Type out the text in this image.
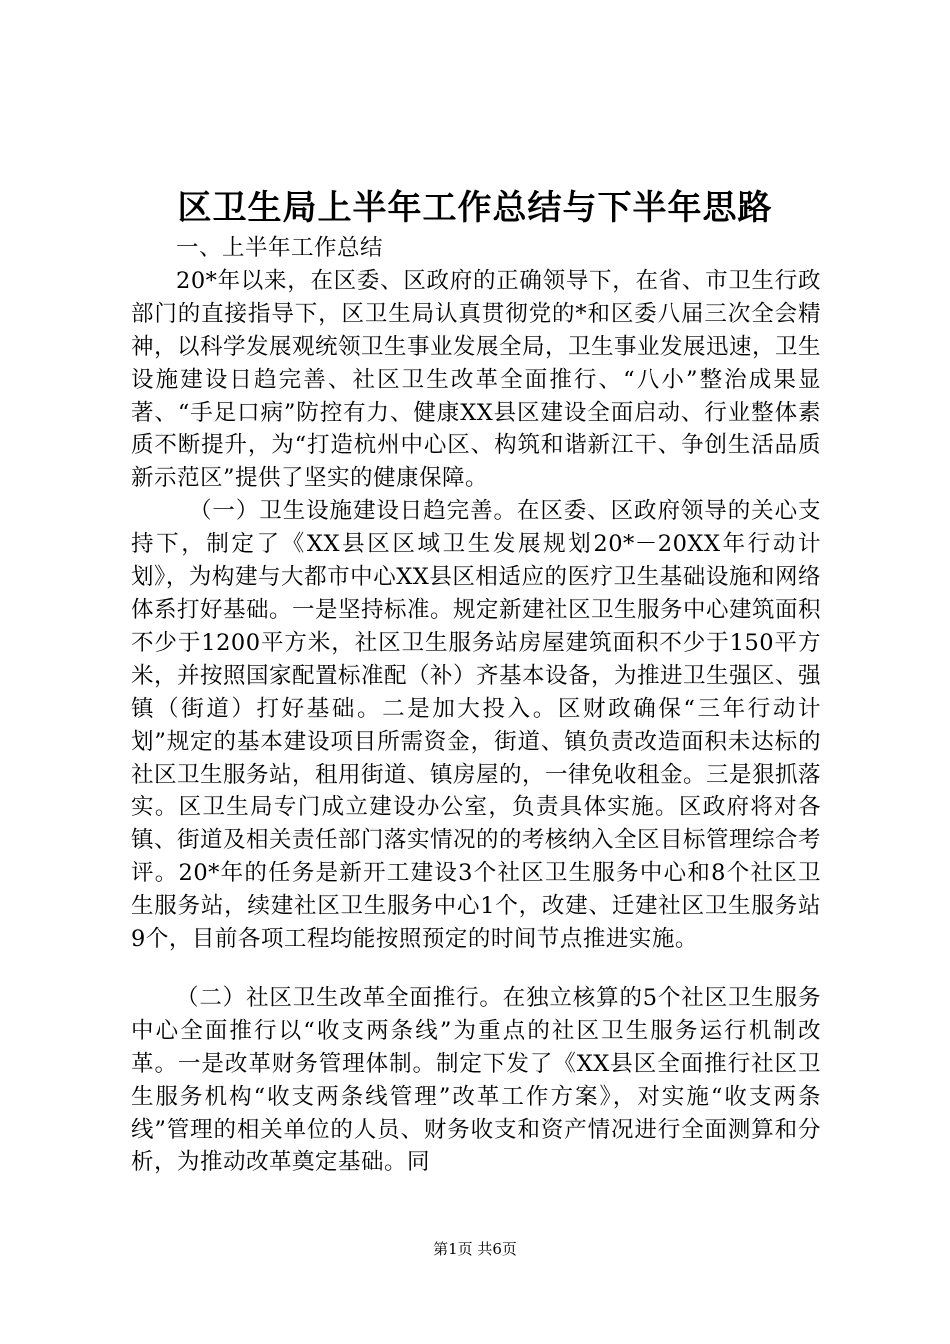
区卫生局上半年工作总结与下半年思路

一、上半年工作总结

20*年以来，在区委、区政府的正确领导下，在省、市卫生行政部门的直接指导下，区卫生局认真贯彻党的*和区委八届三次全会精神，以科学发展观统领卫生事业发展全局，卫生事业发展迅速，卫生设施建设日趋完善、社区卫生改革全面推行、“八小”整治成果显著、“手足口病”防控有力、健康XX县区建设全面启动、行业整体素质不断提升，为“打造杭州中心区、构筑和谐新江干、争创生活品质新示范区”提供了坚实的健康保障。

（一）卫生设施建设日趋完善。在区委、区政府领导的关心支持下，制定了《XX县区区域卫生发展规划20*－20XX年行动计划》，为构建与大都市中心XX县区相适应的医疗卫生基础设施和网络体系打好基础。一是坚持标准。规定新建社区卫生服务中心建筑面积不少于1200平方米，社区卫生服务站房屋建筑面积不少于150平方米，并按照国家配置标准配（补）齐基本设备，为推进卫生强区、强镇（街道）打好基础。二是加大投入。区财政确保“三年行动计划”规定的基本建设项目所需资金，街道、镇负责改造面积未达标的社区卫生服务站，租用街道、镇房屋的，一律免收租金。三是狠抓落实。区卫生局专门成立建设办公室，负责具体实施。区政府将对各镇、街道及相关责任部门落实情况的的考核纳入全区目标管理综合考评。20*年的任务是新开工建设3个社区卫生服务中心和8个社区卫生服务站，续建社区卫生服务中心1个，改建、迁建社区卫生服务站9个，目前各项工程均能按照预定的时间节点推进实施。

（二）社区卫生改革全面推行。在独立核算的5个社区卫生服务中心全面推行以“收支两条线”为重点的社区卫生服务运行机制改革。一是改革财务管理体制。制定下发了《XX县区全面推行社区卫生服务机构“收支两条线管理”改革工作方案》，对实施“收支两条线”管理的相关单位的人员、财务收支和资产情况进行全面测算和分析，为推动改革奠定基础。同

第1页 共6页
